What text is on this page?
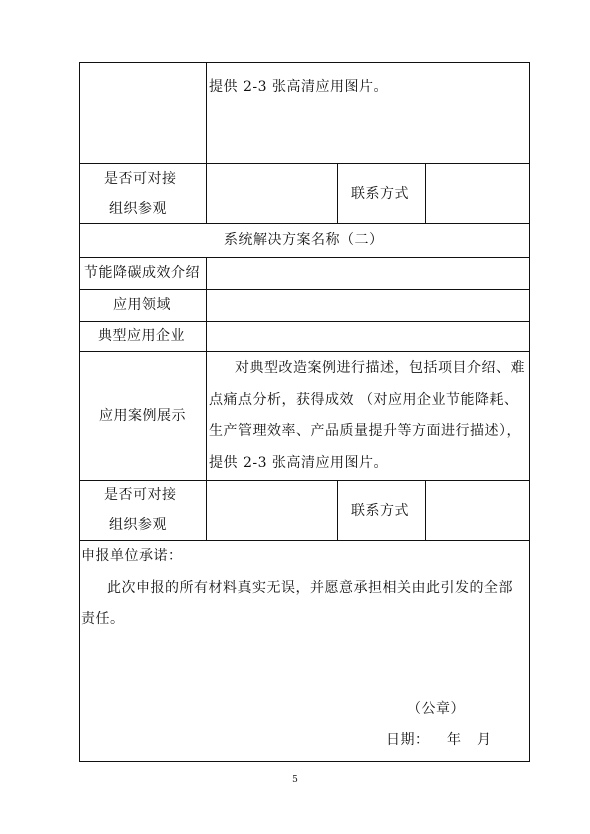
提供 2-3 张高清应用图片。
是否可对接
组织参观
联系方式
系统解决方案名称（二）
节能降碳成效介绍
应用领域
典型应用企业
应用案例展示
对典型改造案例进行描述，包括项目介绍、难
点痛点分析，获得成效 （对应用企业节能降耗、
生产管理效率、产品质量提升等方面进行描述），
提供 2-3 张高清应用图片。
是否可对接
组织参观
联系方式
申报单位承诺：
此次申报的所有材料真实无误，并愿意承担相关由此引发的全部
责任。
（公章）
日期： 年 月
5
